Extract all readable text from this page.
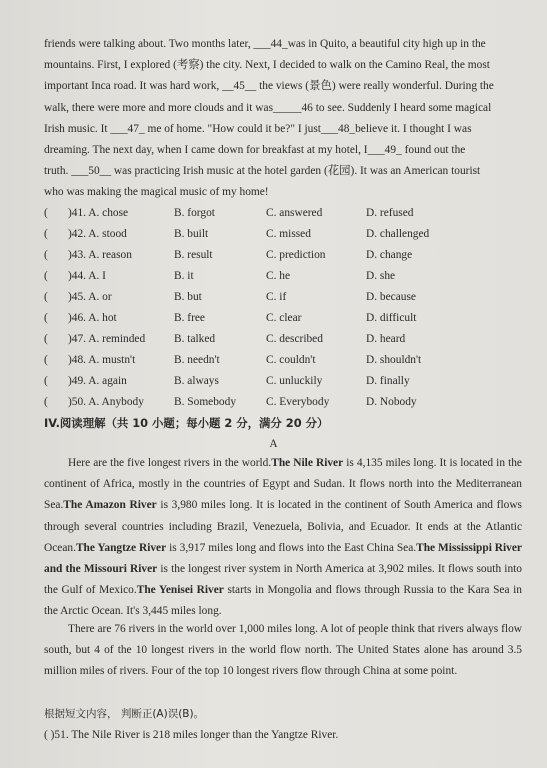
friends were talking about. Two months later, ___44_was in Quito, a beautiful city high up in the
mountains. First, I explored (考察) the city. Next, I decided to walk on the Camino Real, the most
important Inca road. It was hard work, __45__ the views (景色) were really wonderful. During the
walk, there were more and more clouds and it was_____46 to see. Suddenly I heard some magical
Irish music. It ___47_ me of home. "How could it be?" I just___48_believe it. I thought I was
dreaming. The next day, when I came down for breakfast at my hotel, I___49_ found out the
truth. ___50__ was practicing Irish music at the hotel garden (花园). It was an American tourist
who was making the magical music of my home!
( )41. A. chose	B. forgot	C. answered	D. refused
( )42. A. stood	B. built	C. missed	D. challenged
( )43. A. reason	B. result	C. prediction	D. change
( )44. A. I	B. it	C. he	D. she
( )45. A. or	B. but	C. if	D. because
( )46. A. hot	B. free	C. clear	D. difficult
( )47. A. reminded	B. talked	C. described	D. heard
( )48. A. mustn't	B. needn't	C. couldn't	D. shouldn't
( )49. A. again	B. always	C. unluckily	D. finally
( )50. A. Anybody	B. Somebody	C. Everybody	D. Nobody
IV.阅读理解（共 10 小题；每小题 2 分，满分 20 分）
A
Here are the five longest rivers in the world.The Nile River is 4,135 miles long. It is located in the continent of Africa, mostly in the countries of Egypt and Sudan. It flows north into the Mediterranean Sea.The Amazon River is 3,980 miles long. It is located in the continent of South America and flows through several countries including Brazil, Venezuela, Bolivia, and Ecuador. It ends at the Atlantic Ocean.The Yangtze River is 3,917 miles long and flows into the East China Sea.The Mississippi River and the Missouri River is the longest river system in North America at 3,902 miles. It flows south into the Gulf of Mexico.The Yenisei River starts in Mongolia and flows through Russia to the Kara Sea in the Arctic Ocean. It's 3,445 miles long.
There are 76 rivers in the world over 1,000 miles long. A lot of people think that rivers always flow south, but 4 of the 10 longest rivers in the world flow north. The United States alone has around 3.5 million miles of rivers. Four of the top 10 longest rivers flow through China at some point.
根据短文内容， 判断正(A)误(B)。
( )51. The Nile River is 218 miles longer than the Yangtze River.
